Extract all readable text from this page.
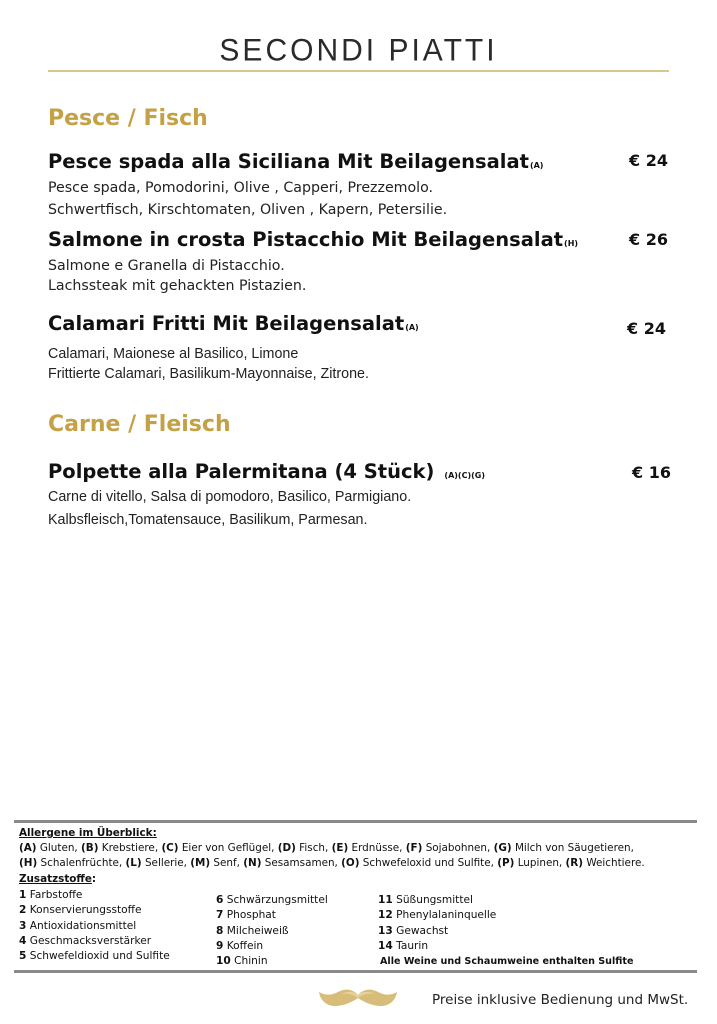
SECONDI PIATTI
Pesce / Fisch
Pesce spada alla Siciliana Mit Beilagensalat(A)	€ 24
Pesce spada, Pomodorini, Olive , Capperi, Prezzemolo.
Schwertfisch, Kirschtomaten, Oliven , Kapern, Petersilie.
Salmone in crosta Pistacchio Mit Beilagensalat(H)	€ 26
Salmone e Granella di Pistacchio.
Lachssteak mit gehackten Pistazien.
Calamari Fritti Mit Beilagensalat(A)	€ 24
Calamari, Maionese al Basilico, Limone
Frittierte Calamari, Basilikum-Mayonnaise, Zitrone.
Carne / Fleisch
Polpette alla Palermitana (4 Stück) (A)(C)(G)	€ 16
Carne di vitello, Salsa di pomodoro, Basilico, Parmigiano.
Kalbsfleisch,Tomatensauce, Basilikum, Parmesan.
Allergene im Überblick:
(A) Gluten, (B) Krebstiere, (C) Eier von Geflügel, (D) Fisch, (E) Erdnüsse, (F) Sojabohnen, (G) Milch von Säugetieren,
(H) Schalenfrüchte, (L) Sellerie, (M) Senf, (N) Sesamsamen, (O) Schwefeloxid und Sulfite, (P) Lupinen, (R) Weichtiere.
Zusatzstoffe:
1 Farbstoffe
2 Konservierungsstoffe
3 Antioxidationsmittel
4 Geschmacksverstärker
5 Schwefeldioxid und Sulfite
6 Schwärzungsmittel
7 Phosphat
8 Milcheiweiß
9 Koffein
10 Chinin
11 Süßungsmittel
12 Phenylalaninquelle
13 Gewachst
14 Taurin
Alle Weine und Schaumweine enthalten Sulfite
Preise inklusive Bedienung und MwSt.
